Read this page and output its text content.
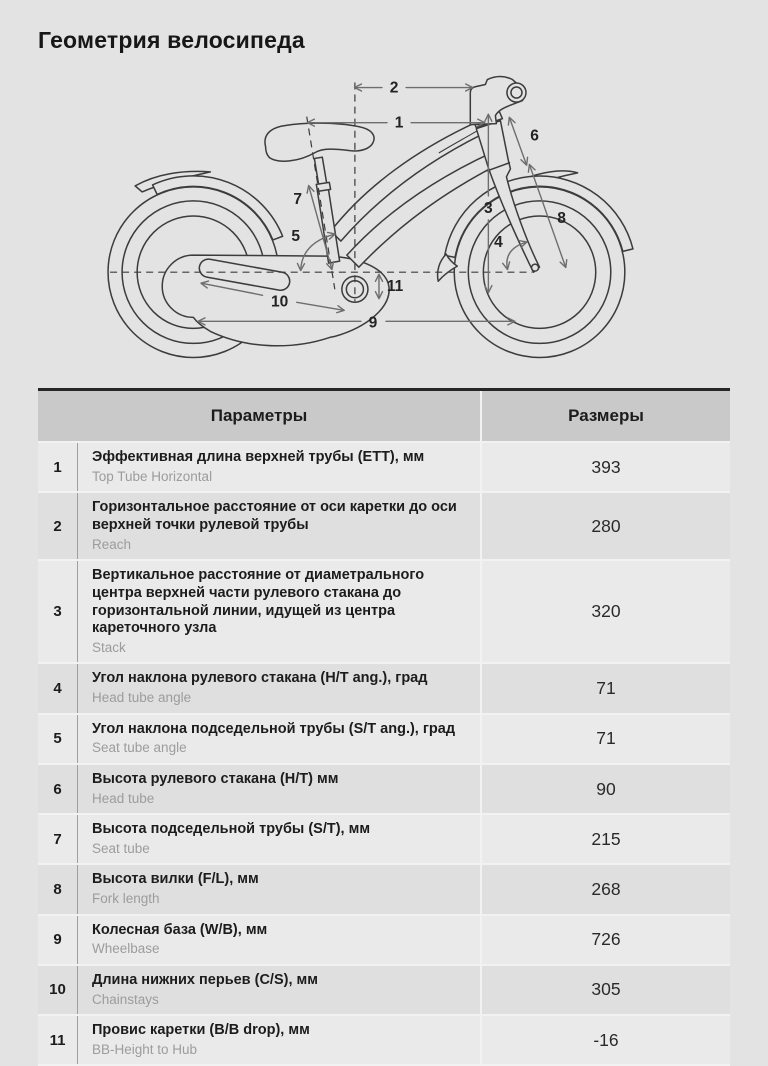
Геометрия велосипеда
1
2
3
4
5
6
7
8
9
10
11
Параметры	Размеры
1
Эффективная длина верхней трубы (ETT), мм
Top Tube Horizontal	393
2
Горизонтальное расстояние от оси каретки до оси верхней точки рулевой трубы
Reach
280
3
Вертикальное расстояние от диаметрального центра верхней части рулевого стакана до горизонтальной линии, идущей из центра кареточного узла
Stack
320
4
Угол наклона рулевого стакана (H/T ang.), град
Head tube angle	71
5
Угол наклона подседельной трубы (S/T ang.), град
Seat tube angle	71
6
Высота рулевого стакана (H/T) мм
Head tube	90
7
Высота подседельной трубы (S/T), мм
Seat tube	215
8
Высота вилки (F/L), мм
Fork length	268
9
Колесная база (W/B), мм
Wheelbase	726
10
Длина нижних перьев (C/S), мм
Chainstays	305
11
Провис каретки (B/B drop), мм
BB-Height to Hub	-16
